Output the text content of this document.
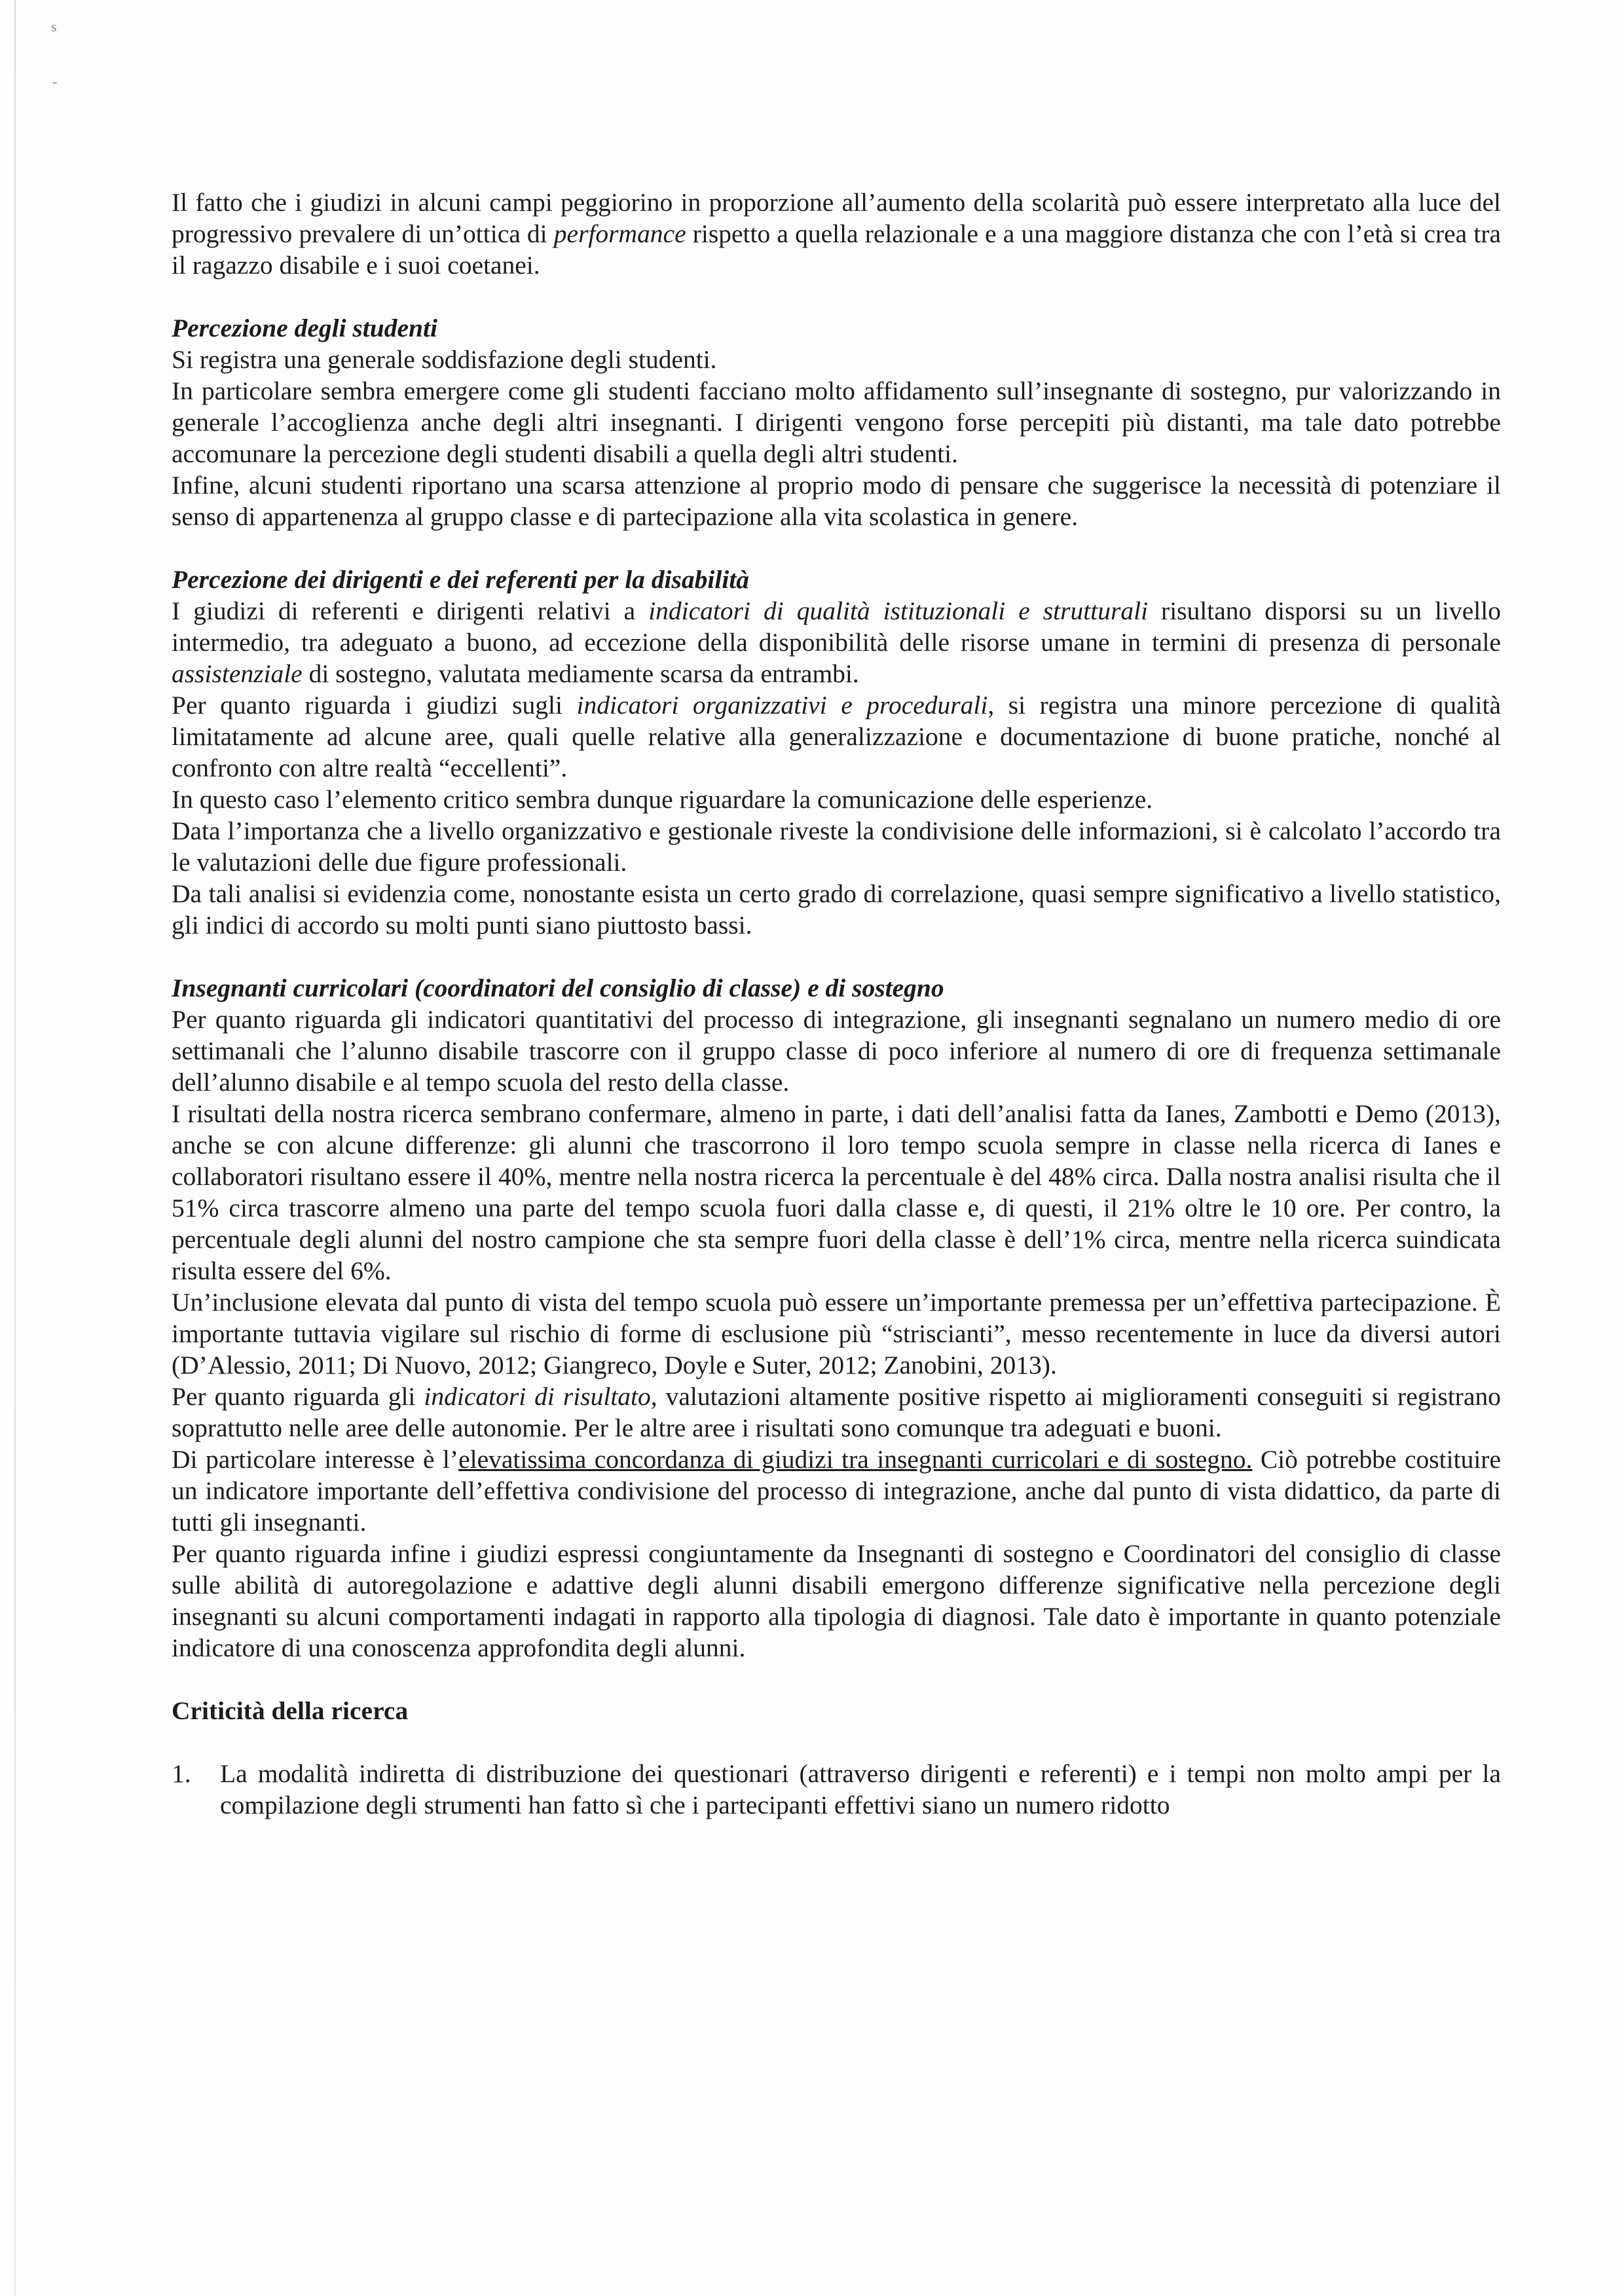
s
-

Il fatto che i giudizi in alcuni campi peggiorino in proporzione all’aumento della scolarità può essere interpretato alla luce del progressivo prevalere di un’ottica di performance rispetto a quella relazionale e a una maggiore distanza che con l’età si crea tra il ragazzo disabile e i suoi coetanei.

Percezione degli studenti

Si registra una generale soddisfazione degli studenti.

In particolare sembra emergere come gli studenti facciano molto affidamento sull’insegnante di sostegno, pur valorizzando in generale l’accoglienza anche degli altri insegnanti. I dirigenti vengono forse percepiti più distanti, ma tale dato potrebbe accomunare la percezione degli studenti disabili a quella degli altri studenti.

Infine, alcuni studenti riportano una scarsa attenzione al proprio modo di pensare che suggerisce la necessità di potenziare il senso di appartenenza al gruppo classe e di partecipazione alla vita scolastica in genere.

Percezione dei dirigenti e dei referenti per la disabilità

I giudizi di referenti e dirigenti relativi a indicatori di qualità istituzionali e strutturali risultano disporsi su un livello intermedio, tra adeguato a buono, ad eccezione della disponibilità delle risorse umane in termini di presenza di personale assistenziale di sostegno, valutata mediamente scarsa da entrambi.

Per quanto riguarda i giudizi sugli indicatori organizzativi e procedurali, si registra una minore percezione di qualità limitatamente ad alcune aree, quali quelle relative alla generalizzazione e documentazione di buone pratiche, nonché al confronto con altre realtà “eccellenti”.

In questo caso l’elemento critico sembra dunque riguardare la comunicazione delle esperienze.

Data l’importanza che a livello organizzativo e gestionale riveste la condivisione delle informazioni, si è calcolato l’accordo tra le valutazioni delle due figure professionali.

Da tali analisi si evidenzia come, nonostante esista un certo grado di correlazione, quasi sempre significativo a livello statistico, gli indici di accordo su molti punti siano piuttosto bassi.

Insegnanti curricolari (coordinatori del consiglio di classe) e di sostegno

Per quanto riguarda gli indicatori quantitativi del processo di integrazione, gli insegnanti segnalano un numero medio di ore settimanali che l’alunno disabile trascorre con il gruppo classe di poco inferiore al numero di ore di frequenza settimanale dell’alunno disabile e al tempo scuola del resto della classe.

I risultati della nostra ricerca sembrano confermare, almeno in parte, i dati dell’analisi fatta da Ianes, Zambotti e Demo (2013), anche se con alcune differenze: gli alunni che trascorrono il loro tempo scuola sempre in classe nella ricerca di Ianes e collaboratori risultano essere il 40%, mentre nella nostra ricerca la percentuale è del 48% circa. Dalla nostra analisi risulta che il 51% circa trascorre almeno una parte del tempo scuola fuori dalla classe e, di questi, il 21% oltre le 10 ore. Per contro, la percentuale degli alunni del nostro campione che sta sempre fuori della classe è dell’1% circa, mentre nella ricerca suindicata risulta essere del 6%.

Un’inclusione elevata dal punto di vista del tempo scuola può essere un’importante premessa per un’effettiva partecipazione. È importante tuttavia vigilare sul rischio di forme di esclusione più “striscianti”, messo recentemente in luce da diversi autori (D’Alessio, 2011; Di Nuovo, 2012; Giangreco, Doyle e Suter, 2012; Zanobini, 2013).

Per quanto riguarda gli indicatori di risultato, valutazioni altamente positive rispetto ai miglioramenti conseguiti si registrano soprattutto nelle aree delle autonomie. Per le altre aree i risultati sono comunque tra adeguati e buoni.

Di particolare interesse è l’elevatissima concordanza di giudizi tra insegnanti curricolari e di sostegno. Ciò potrebbe costituire un indicatore importante dell’effettiva condivisione del processo di integrazione, anche dal punto di vista didattico, da parte di tutti gli insegnanti.

Per quanto riguarda infine i giudizi espressi congiuntamente da Insegnanti di sostegno e Coordinatori del consiglio di classe sulle abilità di autoregolazione e adattive degli alunni disabili emergono differenze significative nella percezione degli insegnanti su alcuni comportamenti indagati in rapporto alla tipologia di diagnosi. Tale dato è importante in quanto potenziale indicatore di una conoscenza approfondita degli alunni.

Criticità della ricerca
1.	La modalità indiretta di distribuzione dei questionari (attraverso dirigenti e referenti) e i tempi non molto ampi per la compilazione degli strumenti han fatto sì che i partecipanti effettivi siano un numero ridotto
